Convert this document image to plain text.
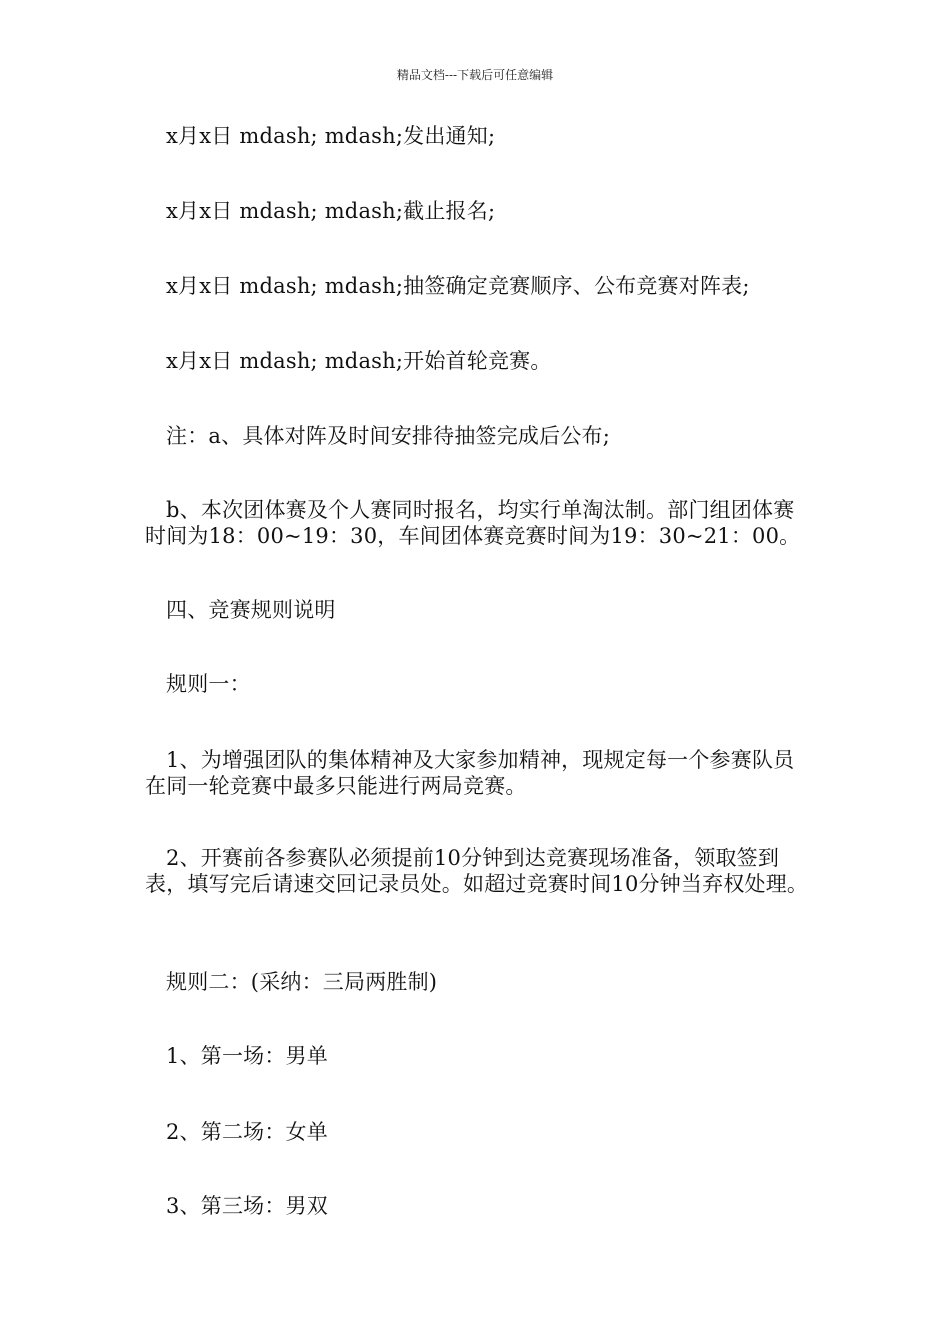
精品文档---下载后可任意编辑

x月x日 mdash; mdash;发出通知;

x月x日 mdash; mdash;截止报名;

x月x日 mdash; mdash;抽签确定竞赛顺序、公布竞赛对阵表;

x月x日 mdash; mdash;开始首轮竞赛。

注：a、具体对阵及时间安排待抽签完成后公布;

b、本次团体赛及个人赛同时报名，均实行单淘汰制。部门组团体赛时间为18：00~19：30，车间团体赛竞赛时间为19：30~21：00。

四、竞赛规则说明

规则一：

1、为增强团队的集体精神及大家参加精神，现规定每一个参赛队员在同一轮竞赛中最多只能进行两局竞赛。

2、开赛前各参赛队必须提前10分钟到达竞赛现场准备，领取签到表，填写完后请速交回记录员处。如超过竞赛时间10分钟当弃权处理。

规则二：(采纳：三局两胜制)

1、第一场：男单

2、第二场：女单

3、第三场：男双
